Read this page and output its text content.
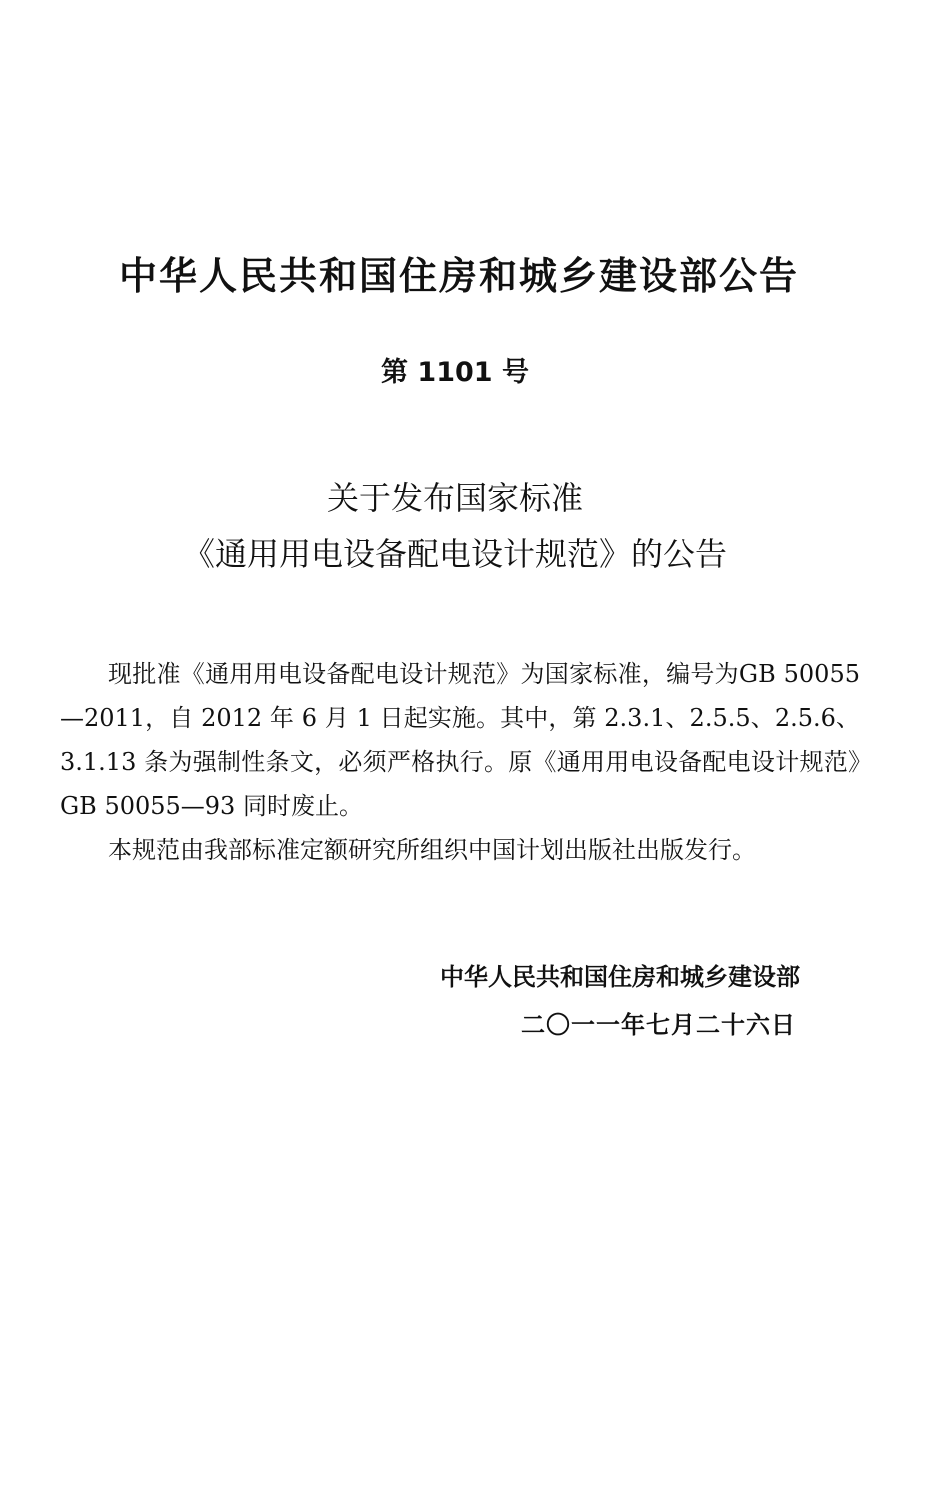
中华人民共和国住房和城乡建设部公告
第 1101 号
关于发布国家标准
《通用用电设备配电设计规范》的公告

现批准《通用用电设备配电设计规范》为国家标准，编号为GB 50055—2011，自 2012 年 6 月 1 日起实施。其中，第 2.3.1、2.5.5、2.5.6、3.1.13 条为强制性条文，必须严格执行。原《通用用电设备配电设计规范》GB 50055—93 同时废止。

本规范由我部标准定额研究所组织中国计划出版社出版发行。

中华人民共和国住房和城乡建设部
二〇一一年七月二十六日
